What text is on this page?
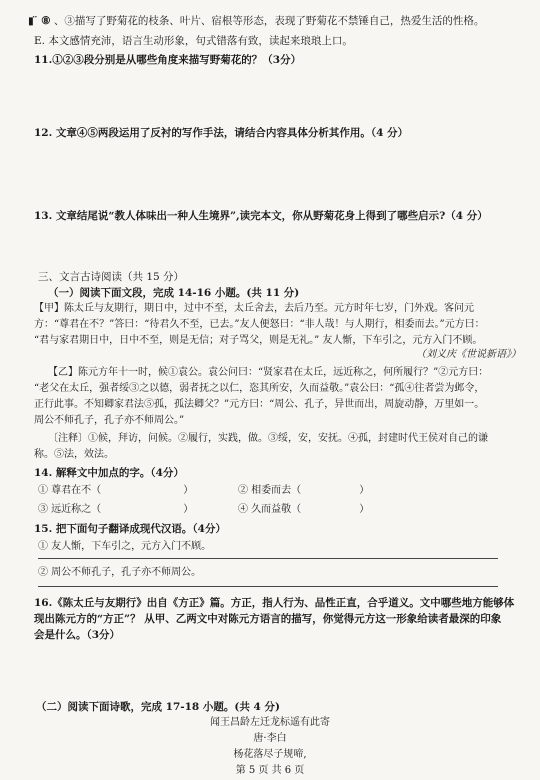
▮ ̈ ⑧ 、③描写了野菊花的枝条、叶片、宿根等形态，表现了野菊花不禁锤自己，热爱生活的性格。
E. 本文感情充沛，语言生动形象，句式错落有致，读起来琅琅上口。
11.①②③段分别是从哪些角度来描写野菊花的？（3分）
12. 文章④⑤两段运用了反衬的写作手法，请结合内容具体分析其作用。（4 分）
13. 文章结尾说“教人体味出一种人生境界”,读完本文，你从野菊花身上得到了哪些启示?（4 分）
三、文言古诗阅读（共 15 分）
（一）阅读下面文段，完成 14-16 小题。(共 11 分)
【甲】陈太丘与友期行，期日中，过中不至，太丘舍去，去后乃至。元方时年七岁，门外戏。客问元
方：“尊君在不？”答曰：“待君久不至，已去。”友人便怒曰：“非人哉！与人期行，相委而去。”元方曰：
“君与家君期日中，日中不至，则是无信；对子骂父，则是无礼。” 友人惭，下车引之，元方入门不顾。
（刘义庆《世说新语》）
【乙】陈元方年十一时，候①袁公。袁公问曰：“贤家君在太丘，远近称之，何所履行？”②元方曰：
“老父在太丘，强者绥③之以德，弱者抚之以仁，恣其所安，久而益敬。”袁公曰：“孤④往者尝为邺令，
正行此事。不知卿家君法⑤孤，孤法卿父？”元方曰：“周公、孔子，异世而出，周旋动静，万里如一。
周公不师孔子，孔子亦不师周公。”
〔注释〕①候，拜访，问候。②履行，实践，做。③绥，安，安抚。④孤，封建时代王侯对自己的谦
称。⑤法，效法。
14. 解释文中加点的字。（4分）
① 尊君在不（	）	② 相委而去（	）
③ 远近称之（	）	④ 久而益敬（	）
15. 把下面句子翻译成现代汉语。（4分）
① 友人惭，下车引之，元方入门不顾。
② 周公不师孔子，孔子亦不师周公。
16.《陈太丘与友期行》出自《方正》篇。方正，指人行为、品性正直，合乎道义。文中哪些地方能够体
现出陈元方的“方正”？ 从甲、乙两文中对陈元方语言的描写，你觉得元方这一形象给读者最深的印象
会是什么。（3分）
（二）阅读下面诗歌，完成 17-18 小题。(共 4 分)
闻王昌龄左迁龙标遥有此寄
唐·李白
杨花落尽子规啼,
第 5 页 共 6 页
